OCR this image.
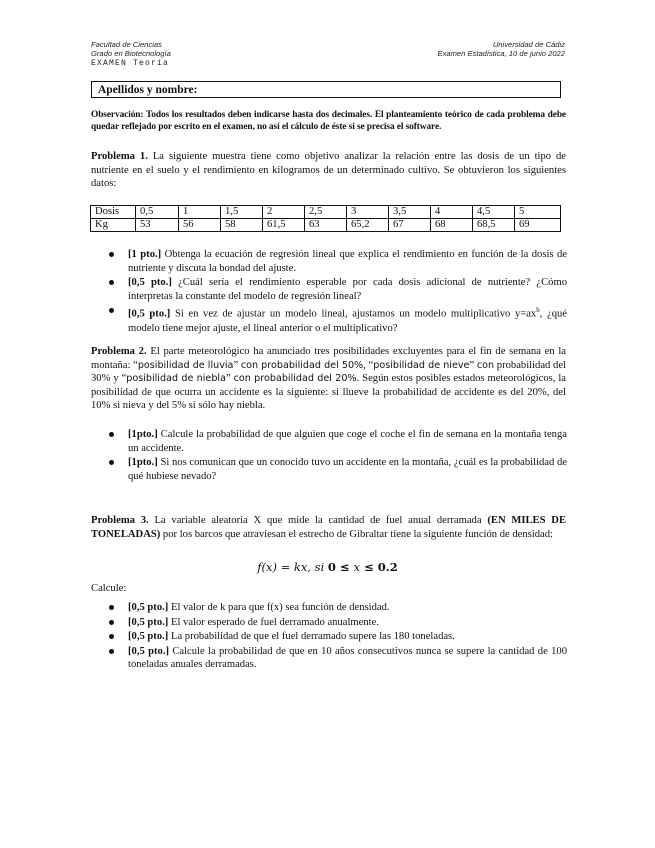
Facultad de Ciencias
Grado en Biotecnología
EXAMEN Teoría
Universidad de Cádiz
Examen Estadística, 10 de junio 2022
Apellidos y nombre:
Observación: Todos los resultados deben indicarse hasta dos decimales. El planteamiento teórico de cada problema debe quedar reflejado por escrito en el examen, no así el cálculo de éste si se precisa el software.
Problema 1. La siguiente muestra tiene como objetivo analizar la relación entre las dosis de un tipo de nutriente en el suelo y el rendimiento en kilogramos de un determinado cultivo. Se obtuvieron los siguientes datos:
Dosis	0,5	1	1,5	2	2,5	3	3,5	4	4,5	5
Kg	53	56	58	61,5	63	65,2	67	68	68,5	69
[1 pto.] Obtenga la ecuación de regresión lineal que explica el rendimiento en función de la dosis de nutriente y discuta la bondad del ajuste.
[0,5 pto.] ¿Cuál sería el rendimiento esperable por cada dosis adicional de nutriente? ¿Cómo interpretas la constante del modelo de regresión lineal?
[0,5 pto.] Si en vez de ajustar un modelo lineal, ajustamos un modelo multiplicativo $y=ax^b$, ¿qué modelo tiene mejor ajuste, el lineal anterior o el multiplicativo?
Problema 2. El parte meteorológico ha anunciado tres posibilidades excluyentes para el fin de semana en la montaña: “posibilidad de lluvia” con probabilidad del 50%, “posibilidad de nieve” con probabilidad del 30% y “posibilidad de niebla” con probabilidad del 20%. Según estos posibles estados meteorológicos, la posibilidad de que ocurra un accidente es la siguiente: si llueve la probabilidad de accidente es del 20%, del 10% si nieva y del 5% si sólo hay niebla.
[1pto.] Calcule la probabilidad de que alguien que coge el coche el fin de semana en la montaña tenga un accidente.
[1pto.] Si nos comunican que un conocido tuvo un accidente en la montaña, ¿cuál es la probabilidad de qué hubiese nevado?
Problema 3. La variable aleatoria X que mide la cantidad de fuel anual derramada (EN MILES DE TONELADAS) por los barcos que atraviesan el estrecho de Gibraltar tiene la siguiente función de densidad:
f(x) = kx, si 0 ≤ x ≤ 0.2
Calcule:
[0,5 pto.] El valor de k para que f(x) sea función de densidad.
[0,5 pto.] El valor esperado de fuel derramado anualmente.
[0,5 pto.] La probabilidad de que el fuel derramado supere las 180 toneladas.
[0,5 pto.] Calcule la probabilidad de que en 10 años consecutivos nunca se supere la cantidad de 100 toneladas anuales derramadas.
